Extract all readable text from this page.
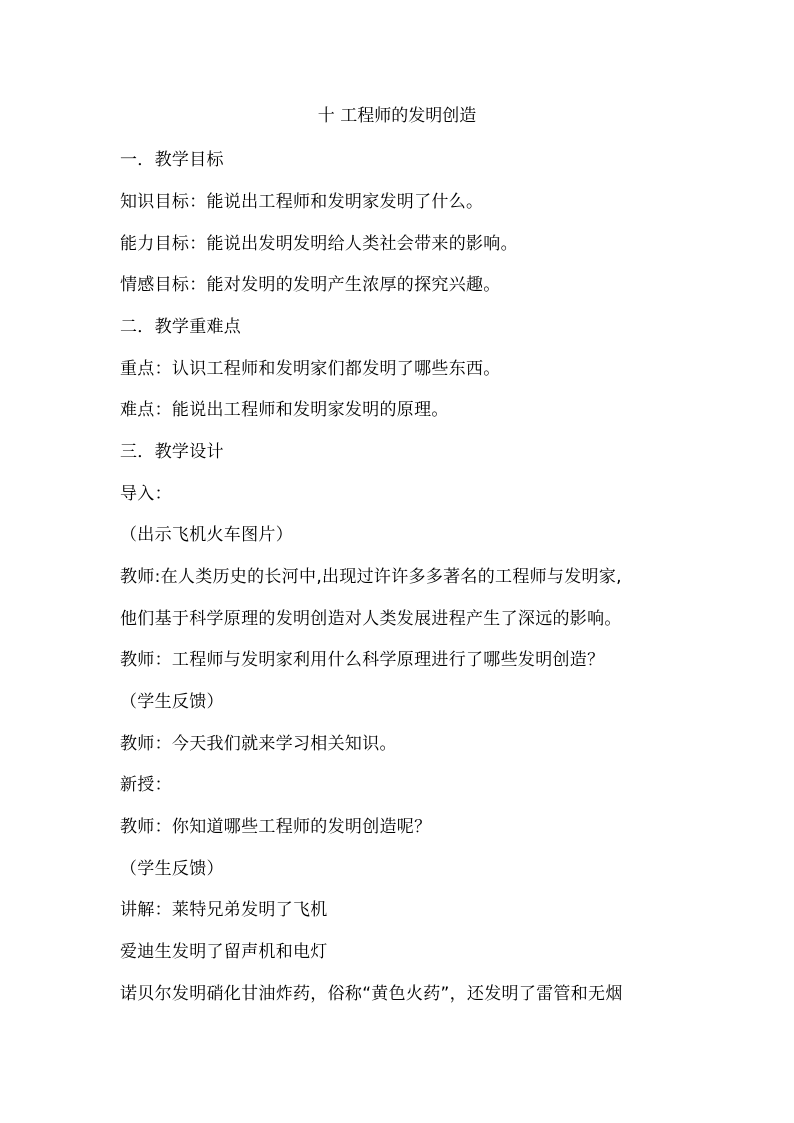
十 工程师的发明创造
一．教学目标
知识目标：能说出工程师和发明家发明了什么。
能力目标：能说出发明发明给人类社会带来的影响。
情感目标：能对发明的发明产生浓厚的探究兴趣。
二．教学重难点
重点：认识工程师和发明家们都发明了哪些东西。
难点：能说出工程师和发明家发明的原理。
三．教学设计
导入：
（出示飞机火车图片）
教师:在人类历史的长河中,出现过许许多多著名的工程师与发明家,
他们基于科学原理的发明创造对人类发展进程产生了深远的影响。
教师：工程师与发明家利用什么科学原理进行了哪些发明创造？
（学生反馈）
教师：今天我们就来学习相关知识。
新授：
教师：你知道哪些工程师的发明创造呢？
（学生反馈）
讲解：莱特兄弟发明了飞机
爱迪生发明了留声机和电灯
诺贝尔发明硝化甘油炸药，俗称“黄色火药”，还发明了雷管和无烟
